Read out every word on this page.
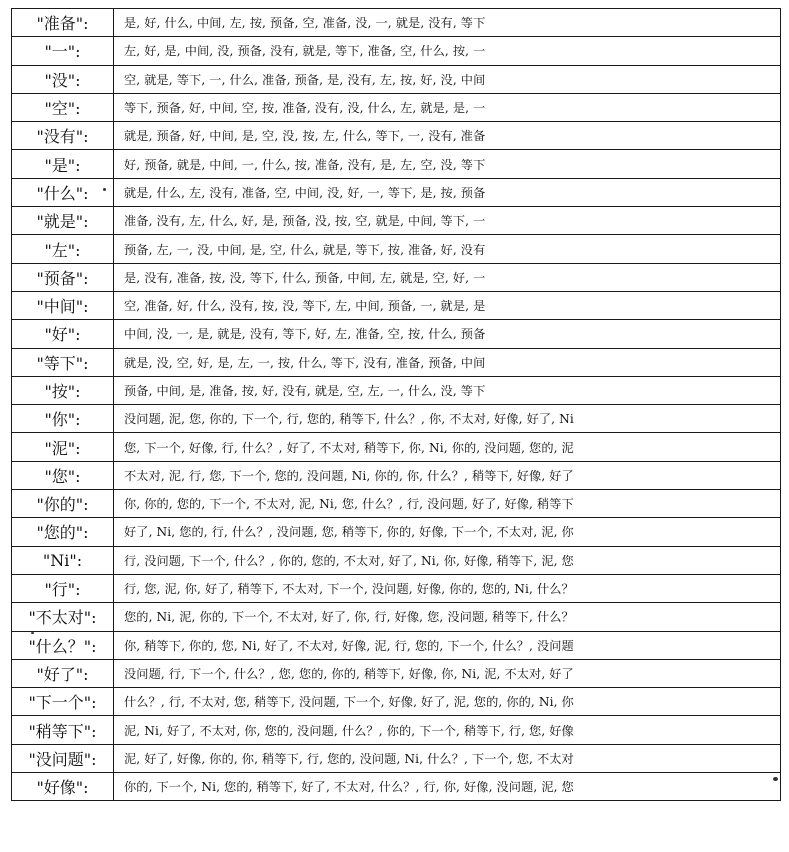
"准备":	是, 好, 什么, 中间, 左, 按, 预备, 空, 准备, 没, 一, 就是, 没有, 等下
"一":	左, 好, 是, 中间, 没, 预备, 没有, 就是, 等下, 准备, 空, 什么, 按, 一
"没":	空, 就是, 等下, 一, 什么, 准备, 预备, 是, 没有, 左, 按, 好, 没, 中间
"空":	等下, 预备, 好, 中间, 空, 按, 准备, 没有, 没, 什么, 左, 就是, 是, 一
"没有":	就是, 预备, 好, 中间, 是, 空, 没, 按, 左, 什么, 等下, 一, 没有, 准备
"是":	好, 预备, 就是, 中间, 一, 什么, 按, 准备, 没有, 是, 左, 空, 没, 等下
"什么":	就是, 什么, 左, 没有, 准备, 空, 中间, 没, 好, 一, 等下, 是, 按, 预备
"就是":	准备, 没有, 左, 什么, 好, 是, 预备, 没, 按, 空, 就是, 中间, 等下, 一
"左":	预备, 左, 一, 没, 中间, 是, 空, 什么, 就是, 等下, 按, 准备, 好, 没有
"预备":	是, 没有, 准备, 按, 没, 等下, 什么, 预备, 中间, 左, 就是, 空, 好, 一
"中间":	空, 准备, 好, 什么, 没有, 按, 没, 等下, 左, 中间, 预备, 一, 就是, 是
"好":	中间, 没, 一, 是, 就是, 没有, 等下, 好, 左, 准备, 空, 按, 什么, 预备
"等下":	就是, 没, 空, 好, 是, 左, 一, 按, 什么, 等下, 没有, 准备, 预备, 中间
"按":	预备, 中间, 是, 准备, 按, 好, 没有, 就是, 空, 左, 一, 什么, 没, 等下
"你":	没问题, 泥, 您, 你的, 下一个, 行, 您的, 稍等下, 什么？, 你, 不太对, 好像, 好了, Ni
"泥":	您, 下一个, 好像, 行, 什么？, 好了, 不太对, 稍等下, 你, Ni, 你的, 没问题, 您的, 泥
"您":	不太对, 泥, 行, 您, 下一个, 您的, 没问题, Ni, 你的, 你, 什么？, 稍等下, 好像, 好了
"你的":	你, 你的, 您的, 下一个, 不太对, 泥, Ni, 您, 什么？, 行, 没问题, 好了, 好像, 稍等下
"您的":	好了, Ni, 您的, 行, 什么？, 没问题, 您, 稍等下, 你的, 好像, 下一个, 不太对, 泥, 你
"Ni":	行, 没问题, 下一个, 什么？, 你的, 您的, 不太对, 好了, Ni, 你, 好像, 稍等下, 泥, 您
"行":	行, 您, 泥, 你, 好了, 稍等下, 不太对, 下一个, 没问题, 好像, 你的, 您的, Ni, 什么？
"不太对":	您的, Ni, 泥, 你的, 下一个, 不太对, 好了, 你, 行, 好像, 您, 没问题, 稍等下, 什么？
"什么？":	你, 稍等下, 你的, 您, Ni, 好了, 不太对, 好像, 泥, 行, 您的, 下一个, 什么？, 没问题
"好了":	没问题, 行, 下一个, 什么？, 您, 您的, 你的, 稍等下, 好像, 你, Ni, 泥, 不太对, 好了
"下一个":	什么？, 行, 不太对, 您, 稍等下, 没问题, 下一个, 好像, 好了, 泥, 您的, 你的, Ni, 你
"稍等下":	泥, Ni, 好了, 不太对, 你, 您的, 没问题, 什么？, 你的, 下一个, 稍等下, 行, 您, 好像
"没问题":	泥, 好了, 好像, 你的, 你, 稍等下, 行, 您的, 没问题, Ni, 什么？, 下一个, 您, 不太对
"好像":	你的, 下一个, Ni, 您的, 稍等下, 好了, 不太对, 什么？, 行, 你, 好像, 没问题, 泥, 您
